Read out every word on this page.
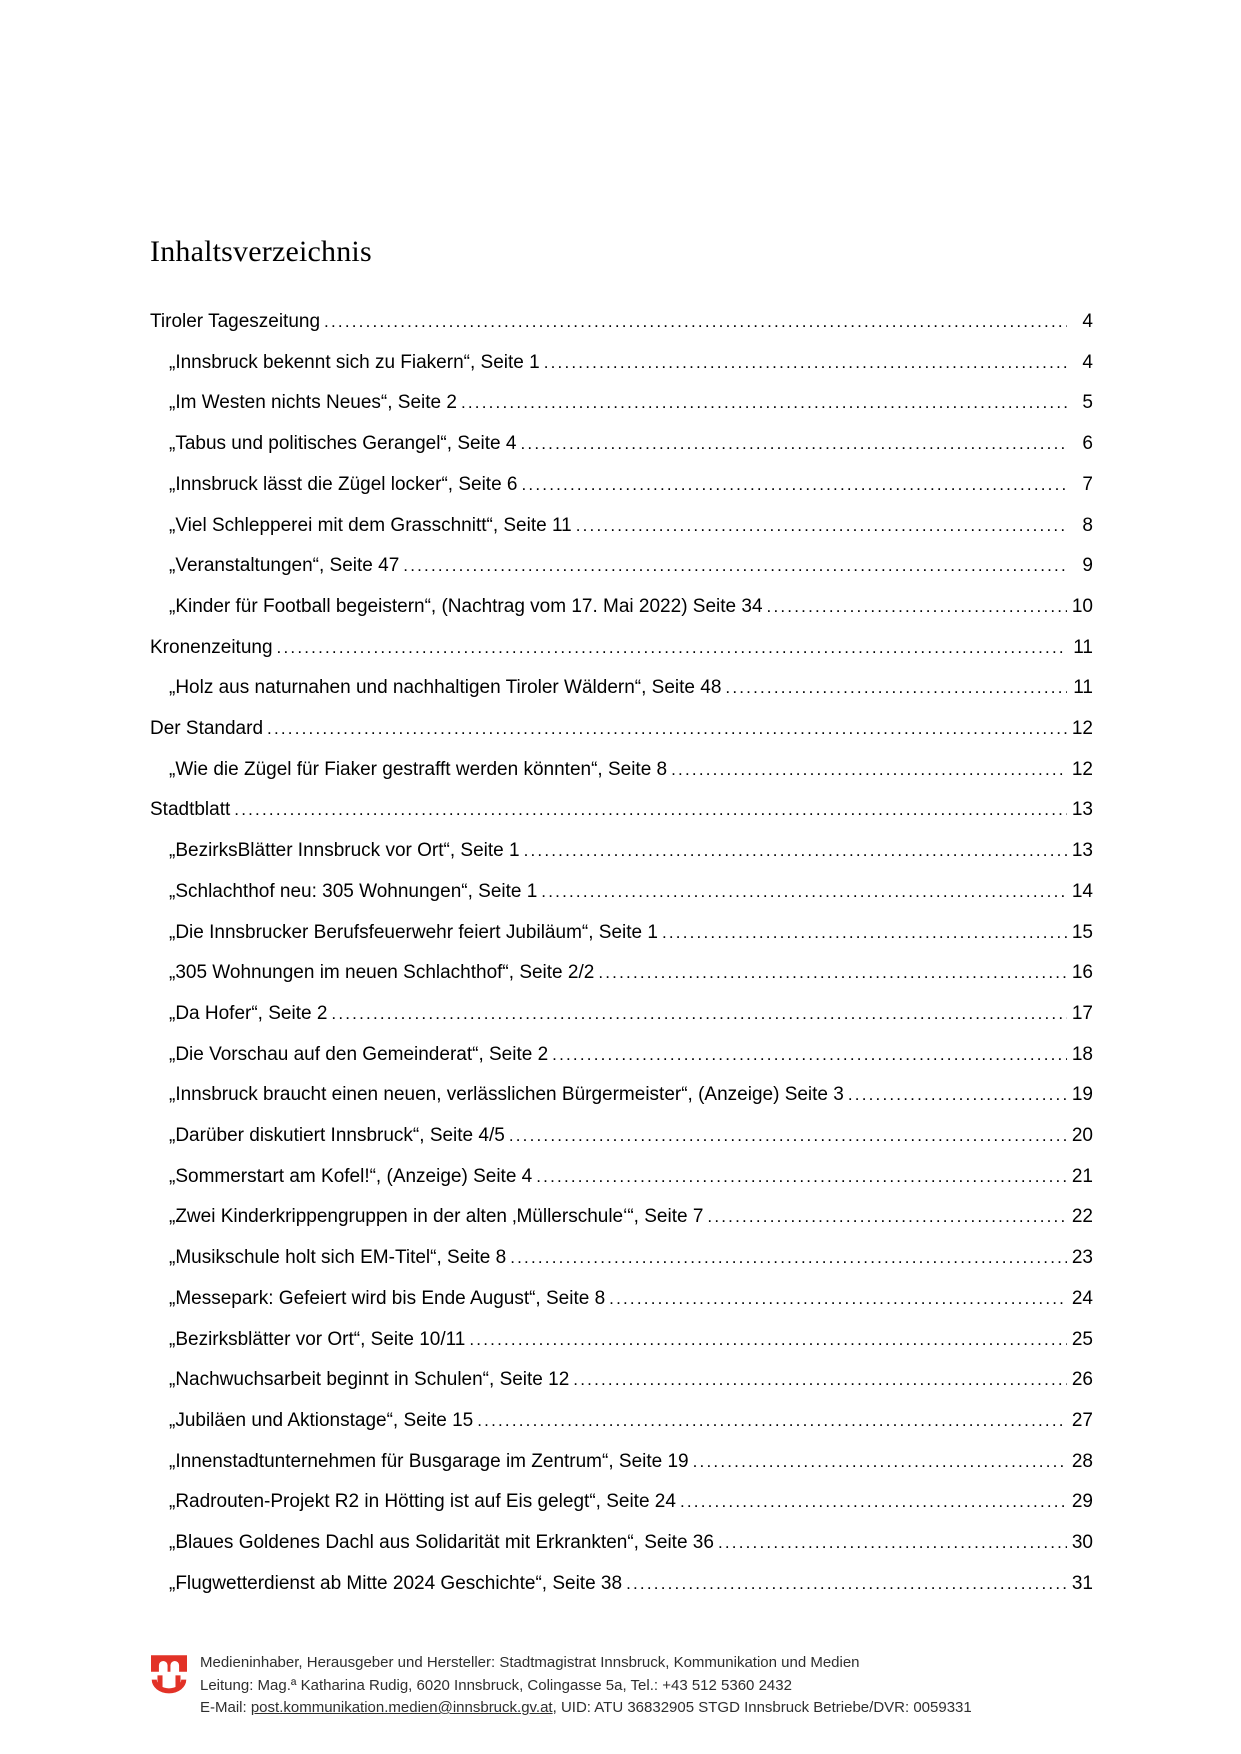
Inhaltsverzeichnis
Tiroler Tageszeitung .....	4
„Innsbruck bekennt sich zu Fiakern“, Seite 1 .....	4
„Im Westen nichts Neues“, Seite 2 .....	5
„Tabus und politisches Gerangel“, Seite 4 .....	6
„Innsbruck lässt die Zügel locker“, Seite 6 .....	7
„Viel Schlepperei mit dem Grasschnitt“, Seite 11 .....	8
„Veranstaltungen“, Seite 47 .....	9
„Kinder für Football begeistern“, (Nachtrag vom 17. Mai 2022) Seite 34 .....	10
Kronenzeitung .....	11
„Holz aus naturnahen und nachhaltigen Tiroler Wäldern“, Seite 48 .....	11
Der Standard .....	12
„Wie die Zügel für Fiaker gestrafft werden könnten“, Seite 8 .....	12
Stadtblatt .....	13
„BezirksBlätter Innsbruck vor Ort“, Seite 1 .....	13
„Schlachthof neu: 305 Wohnungen“, Seite 1 .....	14
„Die Innsbrucker Berufsfeuerwehr feiert Jubiläum“, Seite 1 .....	15
„305 Wohnungen im neuen Schlachthof“, Seite 2/2 .....	16
„Da Hofer“, Seite 2 .....	17
„Die Vorschau auf den Gemeinderat“, Seite 2 .....	18
„Innsbruck braucht einen neuen, verlässlichen Bürgermeister“, (Anzeige) Seite 3 .....	19
„Darüber diskutiert Innsbruck“, Seite 4/5 .....	20
„Sommerstart am Kofel!“, (Anzeige) Seite 4 .....	21
„Zwei Kinderkrippengruppen in der alten ‚Müllerschule‘“, Seite 7 .....	22
„Musikschule holt sich EM-Titel“, Seite 8 .....	23
„Messepark: Gefeiert wird bis Ende August“, Seite 8 .....	24
„Bezirksblätter vor Ort“, Seite 10/11 .....	25
„Nachwuchsarbeit beginnt in Schulen“, Seite 12 .....	26
„Jubiläen und Aktionstage“, Seite 15 .....	27
„Innenstadtunternehmen für Busgarage im Zentrum“, Seite 19 .....	28
„Radrouten-Projekt R2 in Hötting ist auf Eis gelegt“, Seite 24 .....	29
„Blaues Goldenes Dachl aus Solidarität mit Erkrankten“, Seite 36 .....	30
„Flugwetterdienst ab Mitte 2024 Geschichte“, Seite 38 .....	31
Medieninhaber, Herausgeber und Hersteller: Stadtmagistrat Innsbruck, Kommunikation und Medien
Leitung: Mag.ª Katharina Rudig, 6020 Innsbruck, Colingasse 5a, Tel.: +43 512 5360 2432
E-Mail: post.kommunikation.medien@innsbruck.gv.at, UID: ATU 36832905 STGD Innsbruck Betriebe/DVR: 0059331
